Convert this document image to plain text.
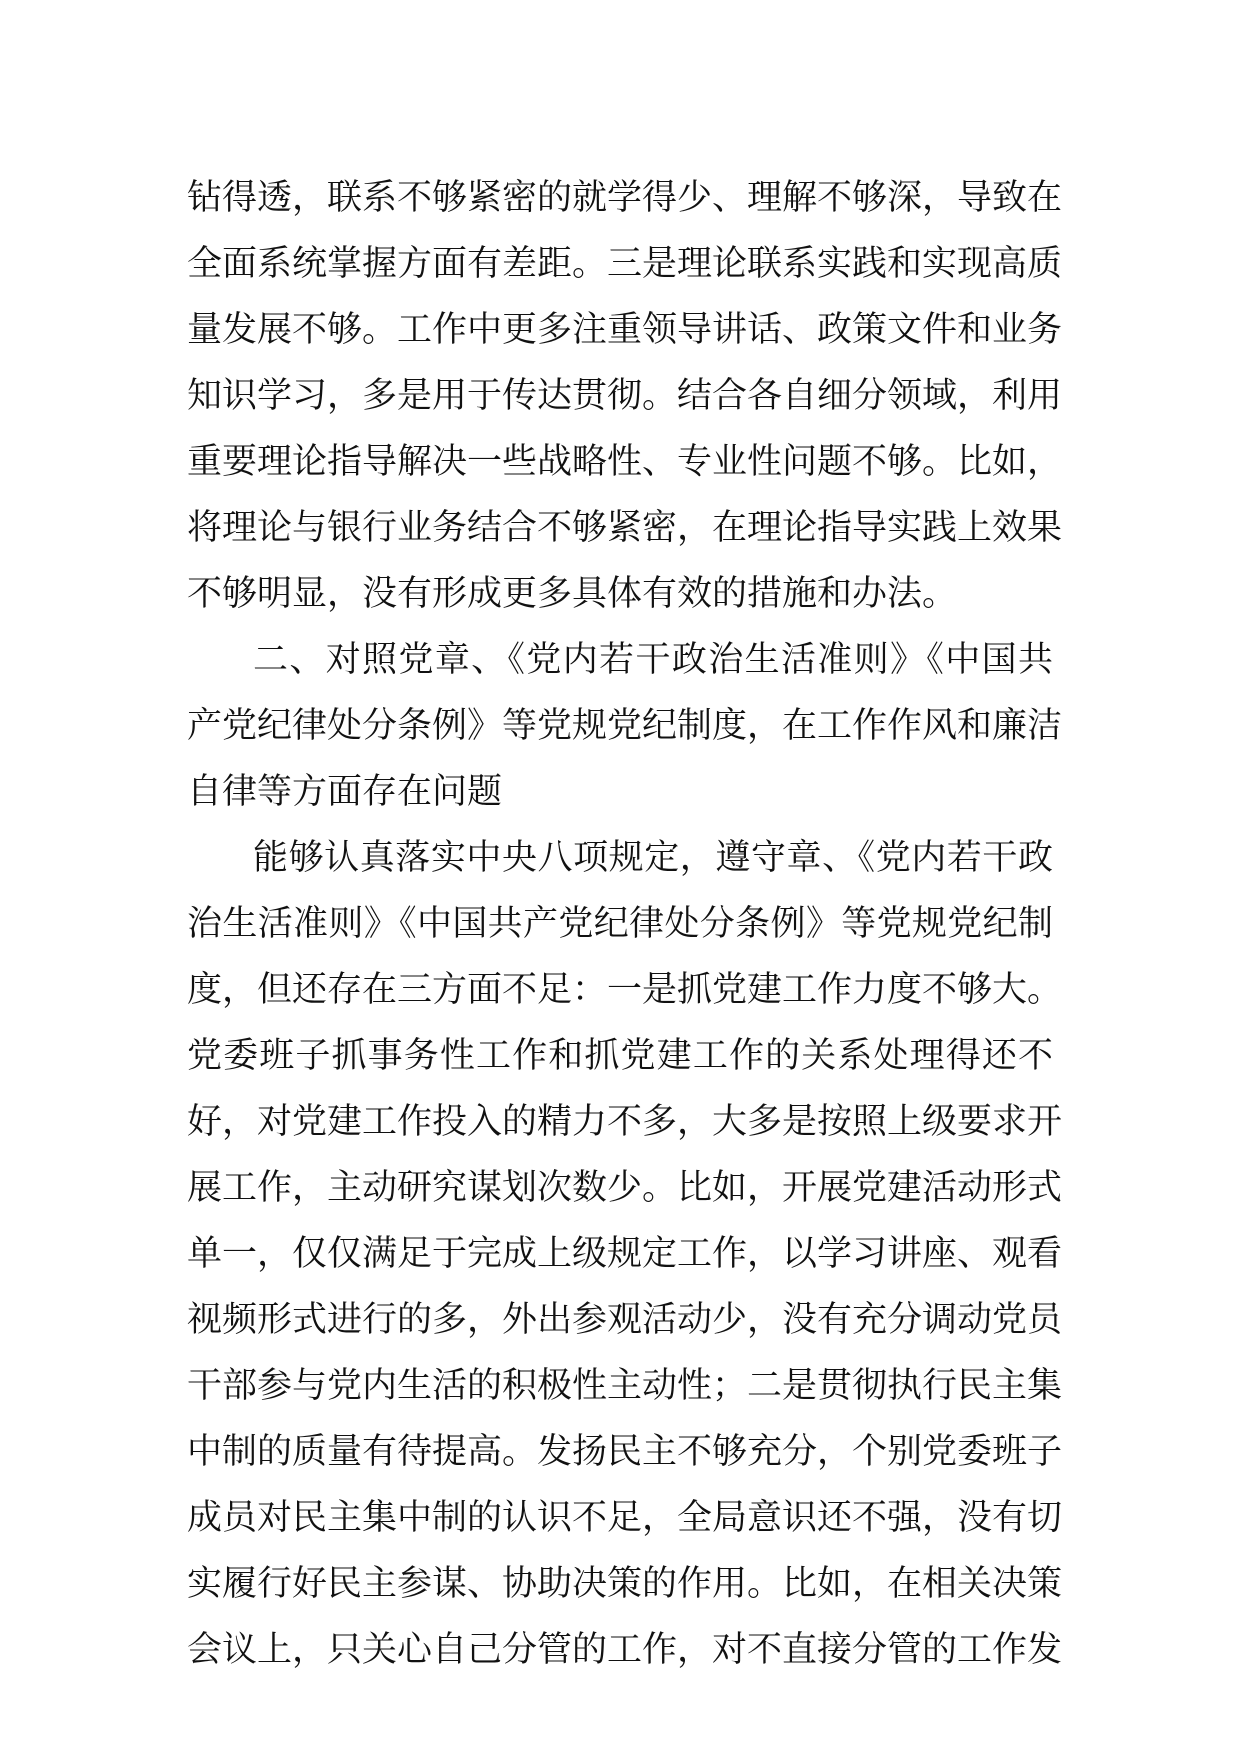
钻得透，联系不够紧密的就学得少、理解不够深，导致在
全面系统掌握方面有差距。三是理论联系实践和实现高质
量发展不够。工作中更多注重领导讲话、政策文件和业务
知识学习，多是用于传达贯彻。结合各自细分领域，利用
重要理论指导解决一些战略性、专业性问题不够。比如，
将理论与银行业务结合不够紧密，在理论指导实践上效果
不够明显，没有形成更多具体有效的措施和办法。

二、对照党章、《党内若干政治生活准则》《中国共
产党纪律处分条例》等党规党纪制度，在工作作风和廉洁
自律等方面存在问题

能够认真落实中央八项规定，遵守章、《党内若干政
治生活准则》《中国共产党纪律处分条例》等党规党纪制
度，但还存在三方面不足：一是抓党建工作力度不够大。
党委班子抓事务性工作和抓党建工作的关系处理得还不
好，对党建工作投入的精力不多，大多是按照上级要求开
展工作，主动研究谋划次数少。比如，开展党建活动形式
单一，仅仅满足于完成上级规定工作，以学习讲座、观看
视频形式进行的多，外出参观活动少，没有充分调动党员
干部参与党内生活的积极性主动性；二是贯彻执行民主集
中制的质量有待提高。发扬民主不够充分，个别党委班子
成员对民主集中制的认识不足，全局意识还不强，没有切
实履行好民主参谋、协助决策的作用。比如，在相关决策
会议上，只关心自己分管的工作，对不直接分管的工作发
